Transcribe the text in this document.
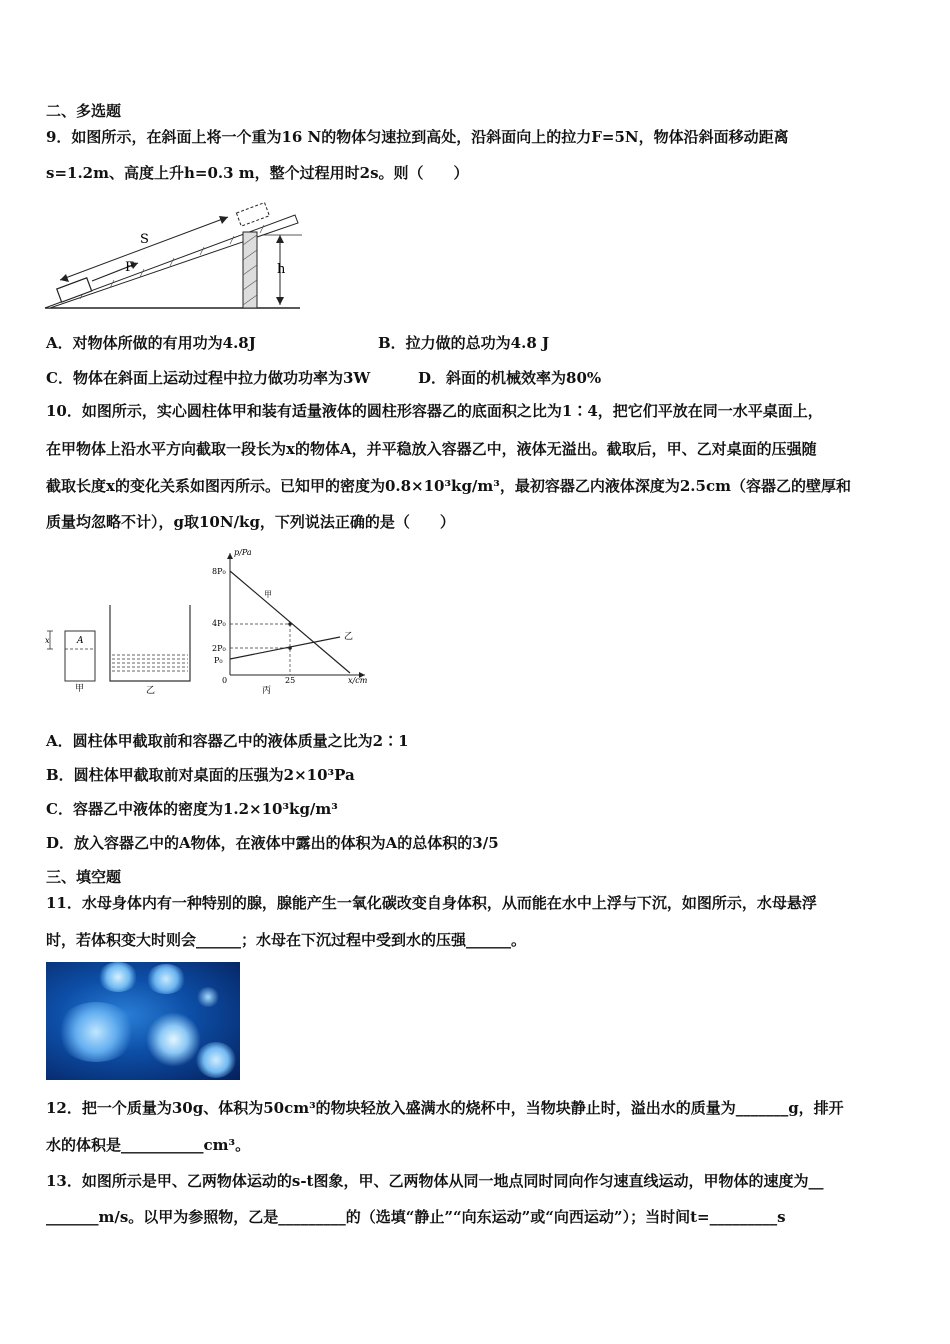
二、多选题
9．如图所示，在斜面上将一个重为16 N的物体匀速拉到高处，沿斜面向上的拉力F=5N，物体沿斜面移动距离
s=1.2m、高度上升h=0.3 m，整个过程用时2s。则（　　）
F
S
h
A．对物体所做的有用功为4.8J	B．拉力做的总功为4.8 J
C．物体在斜面上运动过程中拉力做功功率为3W	D．斜面的机械效率为80%
10．如图所示，实心圆柱体甲和装有适量液体的圆柱形容器乙的底面积之比为1∶4，把它们平放在同一水平桌面上，
在甲物体上沿水平方向截取一段长为x的物体A，并平稳放入容器乙中，液体无溢出。截取后，甲、乙对桌面的压强随
截取长度x的变化关系如图丙所示。已知甲的密度为0.8×10³kg/m³，最初容器乙内液体深度为2.5cm（容器乙的壁厚和
质量均忽略不计），g取10N/kg，下列说法正确的是（　　）
x	A
甲	乙
p/Pa
x/cm
8P₀
4P₀
2P₀
P₀
0	25
甲
乙
丙
A．圆柱体甲截取前和容器乙中的液体质量之比为2∶1
B．圆柱体甲截取前对桌面的压强为2×10³Pa
C．容器乙中液体的密度为1.2×10³kg/m³
D．放入容器乙中的A物体，在液体中露出的体积为A的总体积的3/5
三、填空题
11．水母身体内有一种特别的腺，腺能产生一氧化碳改变自身体积，从而能在水中上浮与下沉，如图所示，水母悬浮
时，若体积变大时则会______；水母在下沉过程中受到水的压强______。
12．把一个质量为30g、体积为50cm³的物块轻放入盛满水的烧杯中，当物块静止时，溢出水的质量为_______g，排开
水的体积是___________cm³。
13．如图所示是甲、乙两物体运动的s-t图象，甲、乙两物体从同一地点同时同向作匀速直线运动，甲物体的速度为__
_______m/s。以甲为参照物，乙是_________的（选填“静止”“向东运动”或“向西运动”）；当时间t=_________s
